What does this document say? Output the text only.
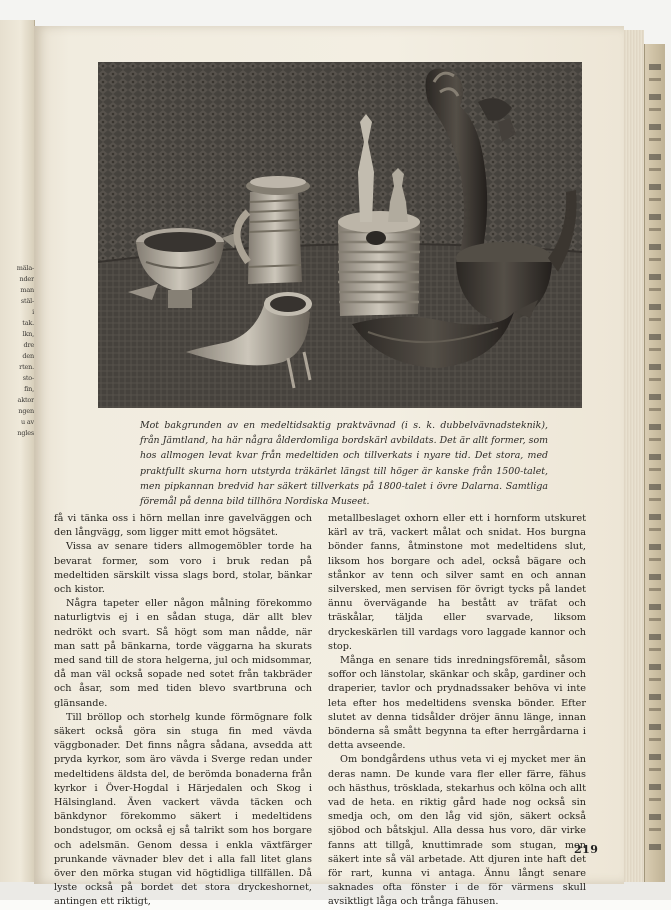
mäla-
nder
man
stäl-
tak.
lkn,
dre
den
rten.
sto-
fin,
aktor
ngen
u av
ngles
Mot bakgrunden av en medeltidsaktig praktvävnad (i s. k. dubbelvävnadsteknik), från Jämtland, ha här några ålderdomliga bordskärl avbildats. Det är allt former, som hos allmogen levat kvar från medeltiden och tillverkats i nyare tid. Det stora, med praktfullt skurna horn utstyrda träkärlet längst till höger är kanske från 1500-talet, men pipkannan bredvid har säkert tillverkats på 1800-talet i övre Dalarna. Samtliga föremål på denna bild tillhöra Nordiska Museet.

få vi tänka oss i hörn mellan inre gavelväggen och den långvägg, som ligger mitt emot högsätet.

Vissa av senare tiders allmogemöbler torde ha bevarat former, som voro i bruk redan på medeltiden särskilt vissa slags bord, stolar, bänkar och kistor.

Några tapeter eller någon målning förekommo naturligtvis ej i en sådan stuga, där allt blev nedrökt och svart. Så högt som man nådde, när man satt på bänkarna, torde väggarna ha skurats med sand till de stora helgerna, jul och midsommar, då man väl också sopade ned sotet från takbräder och åsar, som med tiden blevo svartbruna och glänsande.

Till bröllop och storhelg kunde förmögnare folk säkert också göra sin stuga fin med vävda väggbonader. Det finns några sådana, avsedda att pryda kyrkor, som äro vävda i Sverge redan under medeltidens äldsta del, de berömda bonaderna från kyrkor i Över-Hogdal i Härjedalen och Skog i Hälsingland. Även vackert vävda täcken och bänkdynor förekommo säkert i medeltidens bondstugor, om också ej så talrikt som hos borgare och adelsmän. Genom dessa i enkla växtfärger prunkande vävnader blev det i alla fall litet glans över den mörka stugan vid högtidliga tillfällen. Då lyste också på bordet det stora dryckeshornet, antingen ett riktigt,

metallbeslaget oxhorn eller ett i hornform utskuret kärl av trä, vackert målat och snidat. Hos burgna bönder fanns, åtminstone mot medeltidens slut, liksom hos borgare och adel, också bägare och stånkor av tenn och silver samt en och annan silversked, men servisen för övrigt tycks på landet ännu övervägande ha bestått av träfat och träskålar, täljda eller svarvade, liksom dryckeskärlen till vardags voro laggade kannor och stop.

Många en senare tids inredningsföremål, såsom soffor och länstolar, skänkar och skåp, gardiner och draperier, tavlor och prydnadssaker behöva vi inte leta efter hos medeltidens svenska bönder. Efter slutet av denna tidsålder dröjer ännu länge, innan bönderna så smått begynna ta efter herrgårdarna i detta avseende.

Om bondgårdens uthus veta vi ej mycket mer än deras namn. De kunde vara fler eller färre, fähus och hästhus, trösklada, stekarhus och kölna och allt vad de heta. en riktig gård hade nog också sin smedja och, om den låg vid sjön, säkert också sjöbod och båtskjul. Alla dessa hus voro, där virke fanns att tillgå, knuttimrade som stugan, men säkert inte så väl arbetade. Att djuren inte haft det för rart, kunna vi antaga. Ännu långt senare saknades ofta fönster i de för värmens skull avsiktligt låga och trånga fähusen.

219
